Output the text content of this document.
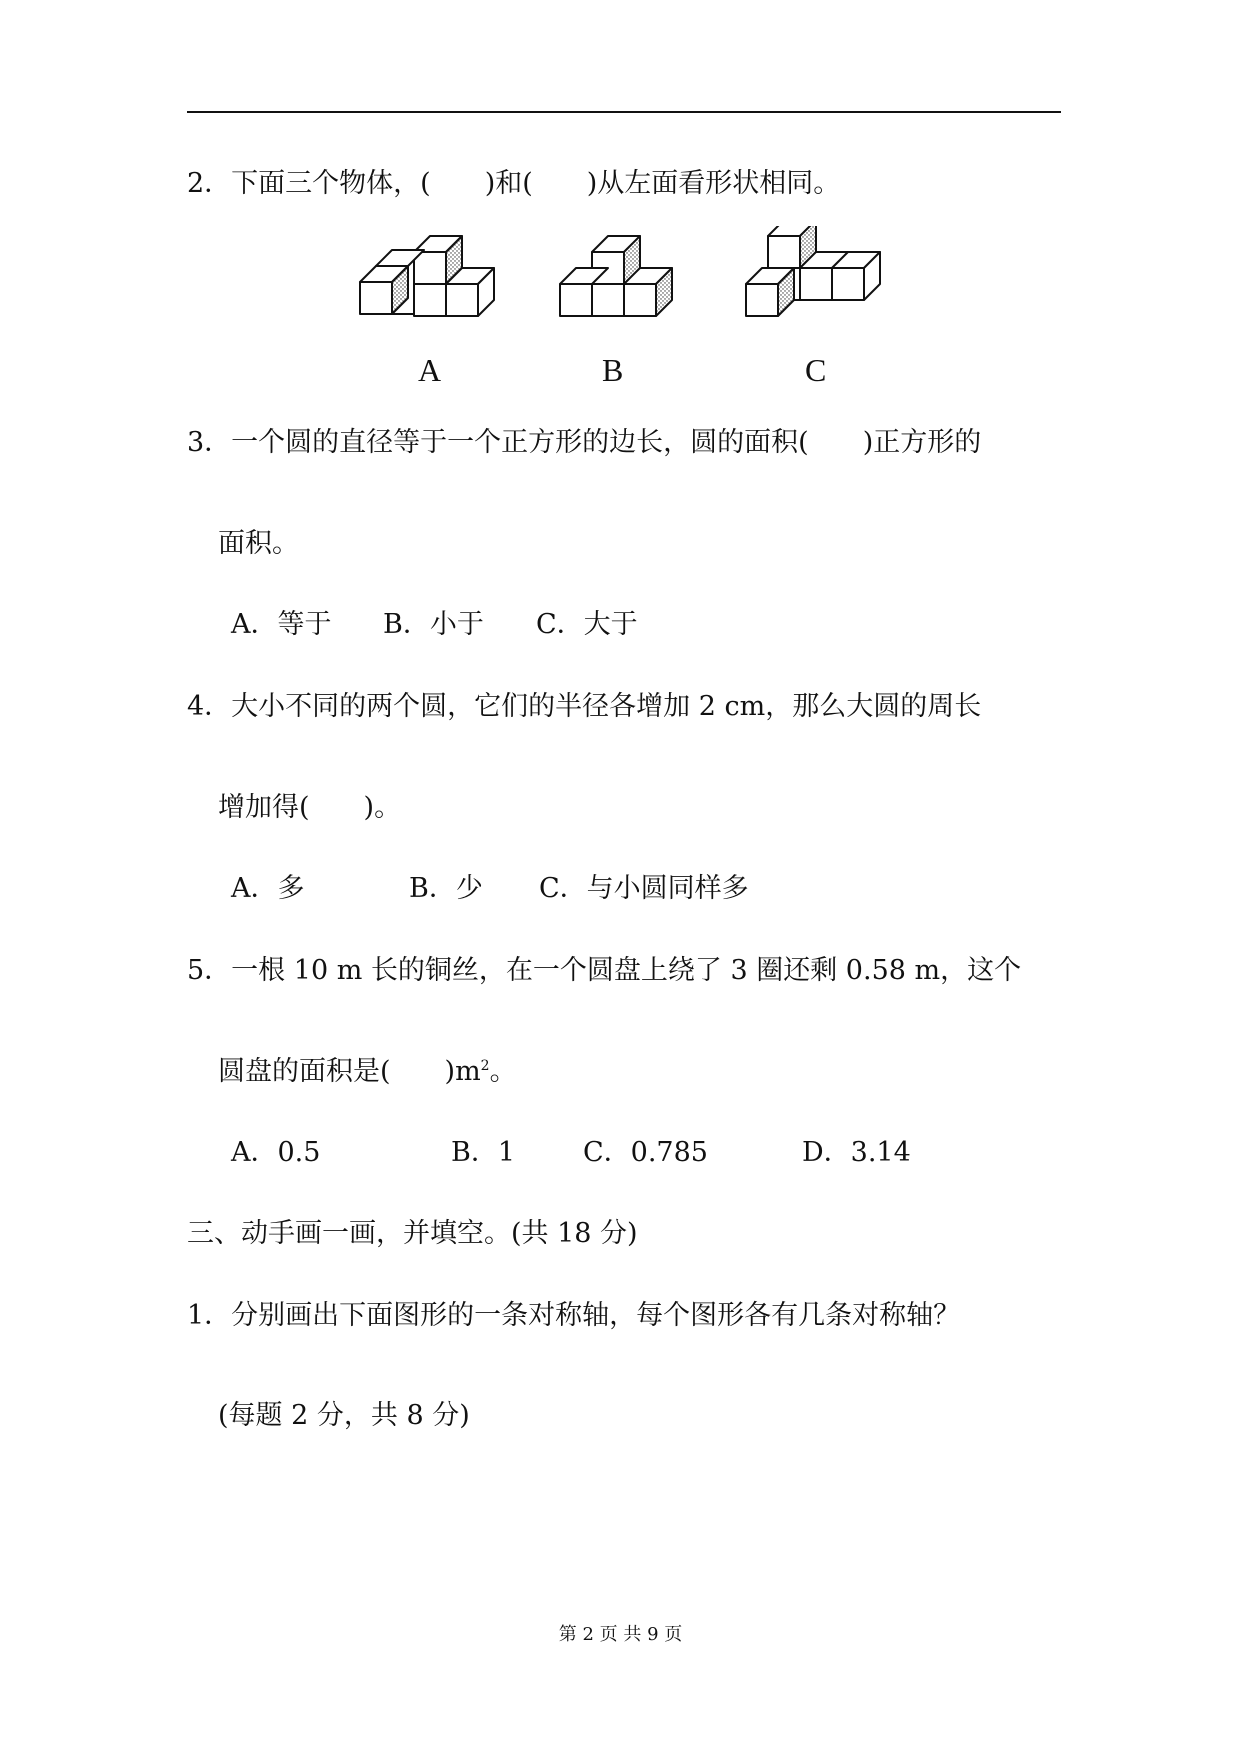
2．下面三个物体，(　　)和(　　)从左面看形状相同。
A	B	C
3．一个圆的直径等于一个正方形的边长，圆的面积(　　)正方形的
面积。
A．等于 B．小于 C．大于
4．大小不同的两个圆，它们的半径各增加 2 cm，那么大圆的周长
增加得(　　)。
A．多	B．少 C．与小圆同样多
5．一根 10 m 长的铜丝，在一个圆盘上绕了 3 圈还剩 0.58 m，这个
圆盘的面积是(　　)$m^2$。
A．0.5	B．1	C．0.785	D．3.14
三、动手画一画，并填空。(共 18 分)
1．分别画出下面图形的一条对称轴，每个图形各有几条对称轴？
(每题 2 分，共 8 分)
第 2 页 共 9 页
